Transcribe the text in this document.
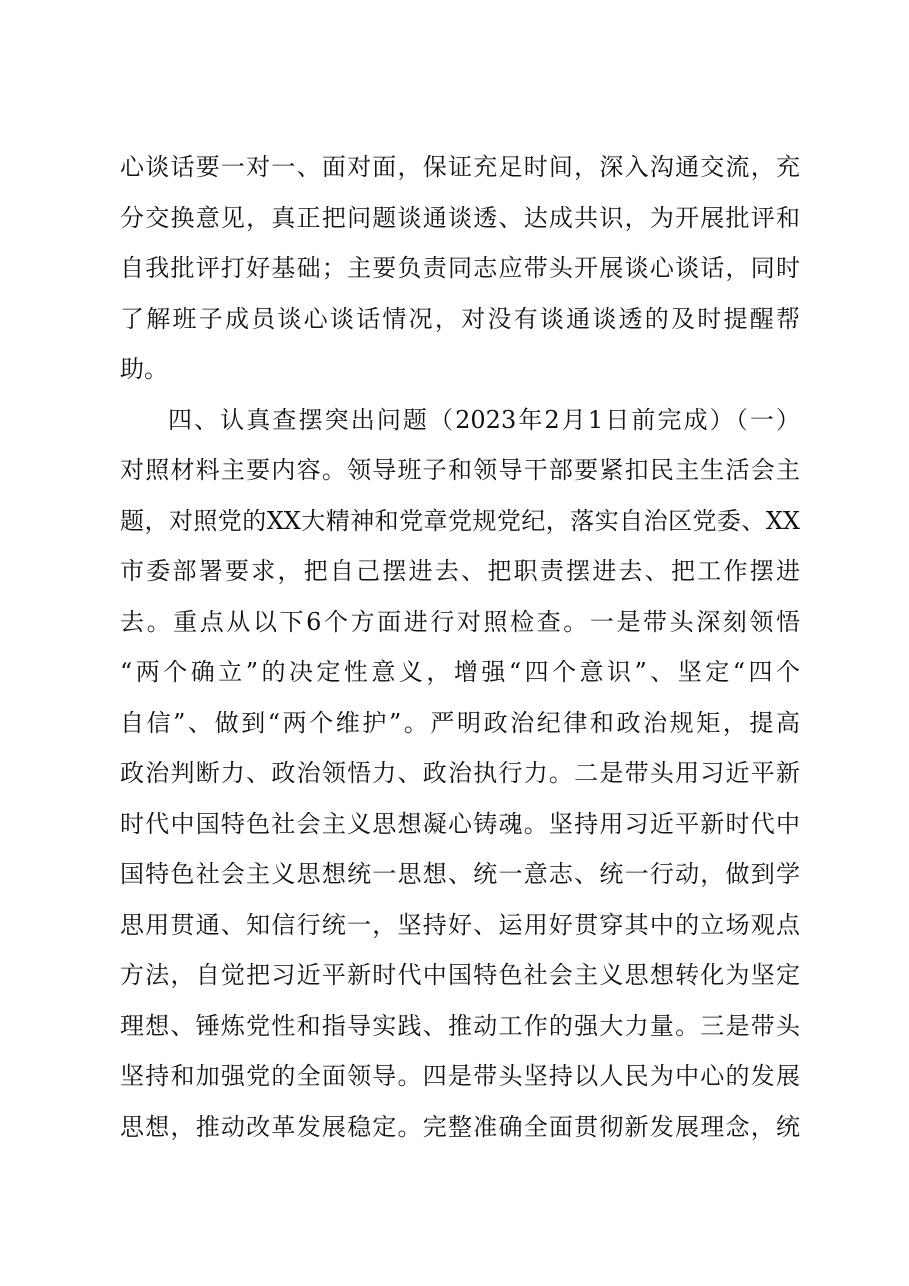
心谈话要一对一、面对面，保证充足时间，深入沟通交流，充
分交换意见，真正把问题谈通谈透、达成共识，为开展批评和
自我批评打好基础；主要负责同志应带头开展谈心谈话，同时
了解班子成员谈心谈话情况，对没有谈通谈透的及时提醒帮
助。
四、认真查摆突出问题（2023年2月1日前完成）（一）
对照材料主要内容。领导班子和领导干部要紧扣民主生活会主
题，对照党的XX大精神和党章党规党纪，落实自治区党委、XX
市委部署要求，把自己摆进去、把职责摆进去、把工作摆进
去。重点从以下6个方面进行对照检查。一是带头深刻领悟
“两个确立”的决定性意义，增强“四个意识”、坚定“四个
自信”、做到“两个维护”。严明政治纪律和政治规矩，提高
政治判断力、政治领悟力、政治执行力。二是带头用习近平新
时代中国特色社会主义思想凝心铸魂。坚持用习近平新时代中
国特色社会主义思想统一思想、统一意志、统一行动，做到学
思用贯通、知信行统一，坚持好、运用好贯穿其中的立场观点
方法，自觉把习近平新时代中国特色社会主义思想转化为坚定
理想、锤炼党性和指导实践、推动工作的强大力量。三是带头
坚持和加强党的全面领导。四是带头坚持以人民为中心的发展
思想，推动改革发展稳定。完整准确全面贯彻新发展理念，统
